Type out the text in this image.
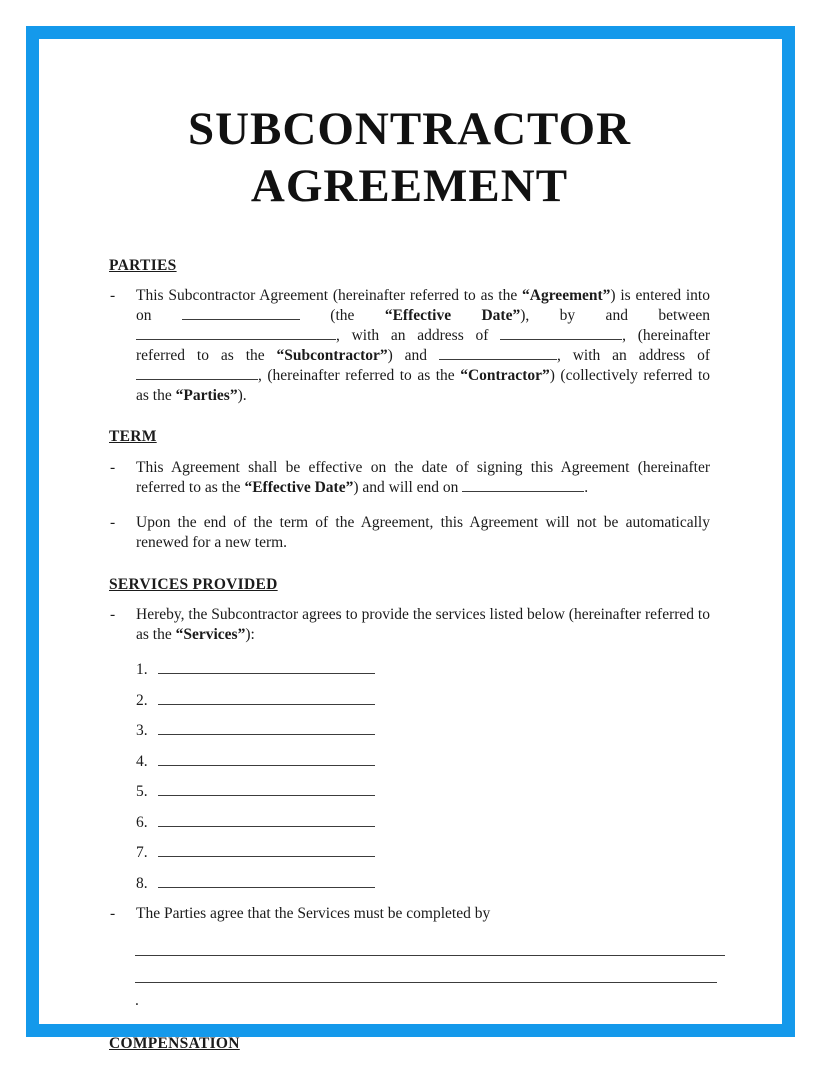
SUBCONTRACTOR
AGREEMENT
PARTIES
-	This Subcontractor Agreement (hereinafter referred to as the “Agreement”) is entered into on	(the “Effective Date”), by and between , with an address of	, (hereinafter referred to as the “Subcontractor”) and	, with an address of , (hereinafter referred to as the “Contractor”) (collectively referred to as the “Parties”).
TERM
-	This Agreement shall be effective on the date of signing this Agreement (hereinafter referred to as the “Effective Date”) and will end on	.
-	Upon the end of the term of the Agreement, this Agreement will not be automatically renewed for a new term.
SERVICES PROVIDED
-	Hereby, the Subcontractor agrees to provide the services listed below (hereinafter referred to as the “Services”):
1.
2.
3.
4.
5.
6.
7.
8.
-	The Parties agree that the Services must be completed by
.
COMPENSATION
